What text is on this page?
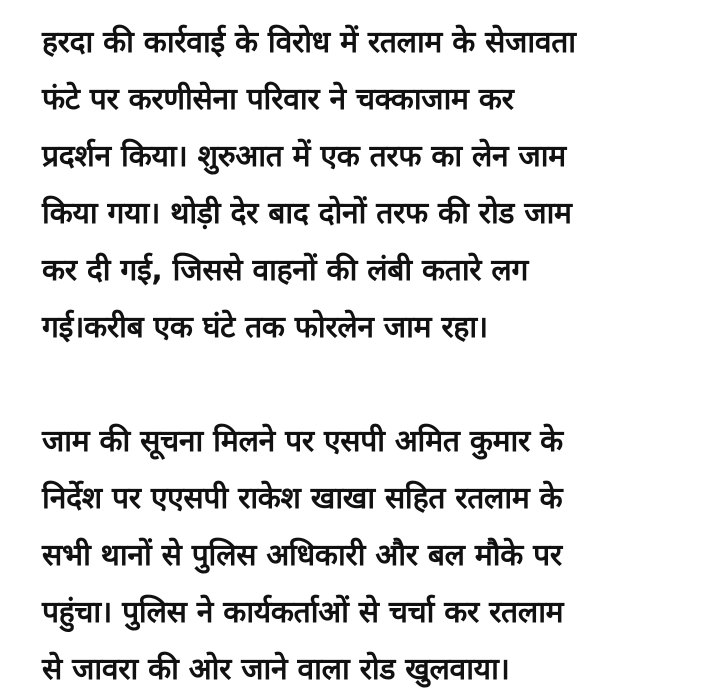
हरदा की कार्रवाई के विरोध में रतलाम के सेजावता
फंटे पर करणीसेना परिवार ने चक्काजाम कर
प्रदर्शन किया। शुरुआत में एक तरफ का लेन जाम
किया गया। थोड़ी देर बाद दोनों तरफ की रोड जाम
कर दी गई, जिससे वाहनों की लंबी कतारे लग
गई।करीब एक घंटे तक फोरलेन जाम रहा।

जाम की सूचना मिलने पर एसपी अमित कुमार के
निर्देश पर एएसपी राकेश खाखा सहित रतलाम के
सभी थानों से पुलिस अधिकारी और बल मौके पर
पहुंचा। पुलिस ने कार्यकर्ताओं से चर्चा कर रतलाम
से जावरा की ओर जाने वाला रोड खुलवाया।
